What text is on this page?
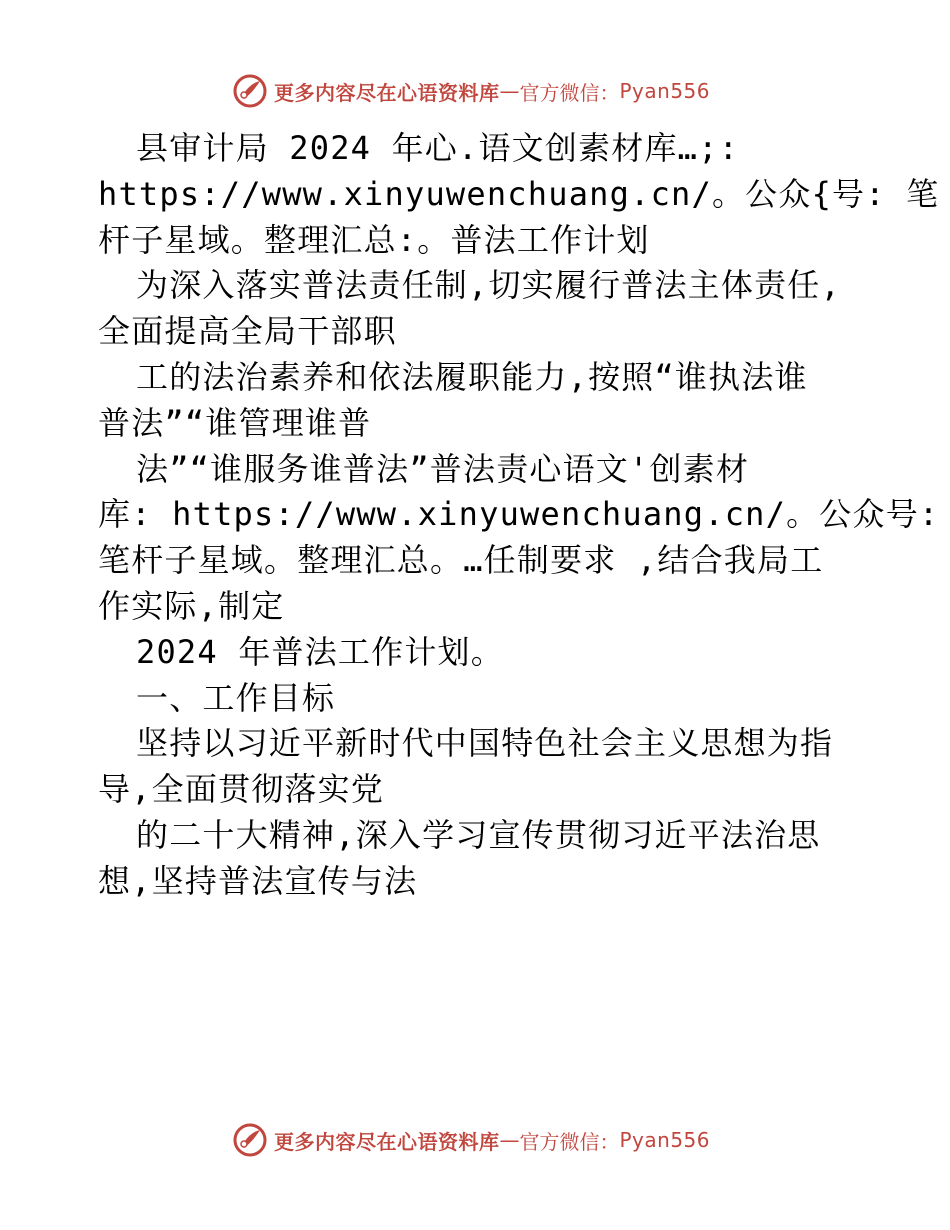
更多内容尽在心语资料库 — 官方微信： Pyan556

县审计局 2024 年心.语文创素材库…;:
https://www.xinyuwenchuang.cn/。公众{号: 笔
杆子星域。整理汇总:。普法工作计划

为深入落实普法责任制,切实履行普法主体责任,
全面提高全局干部职

工的法治素养和依法履职能力,按照“谁执法谁
普法”“谁管理谁普

法”“谁服务谁普法”普法责心语文'创素材
库: https://www.xinyuwenchuang.cn/。公众号:
笔杆子星域。整理汇总。…任制要求 ,结合我局工
作实际,制定

2024 年普法工作计划。

一、工作目标

坚持以习近平新时代中国特色社会主义思想为指
导,全面贯彻落实党

的二十大精神,深入学习宣传贯彻习近平法治思
想,坚持普法宣传与法

更多内容尽在心语资料库 — 官方微信： Pyan556
